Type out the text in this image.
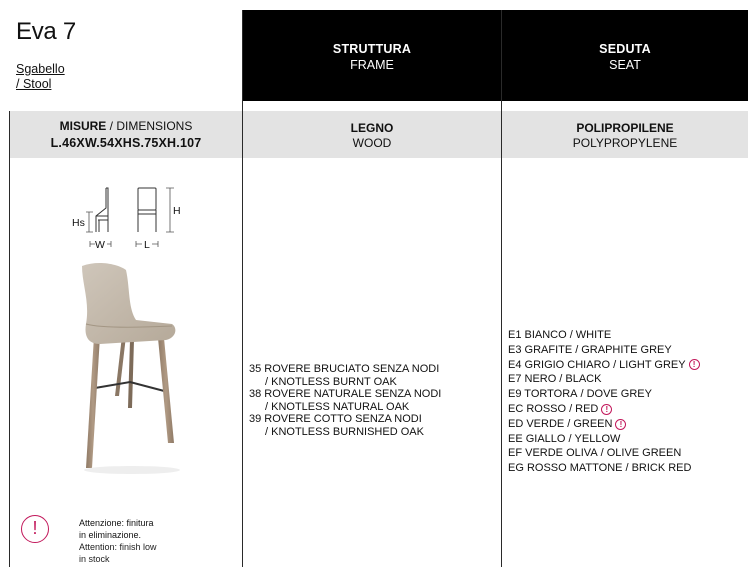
Eva 7
Sgabello
/ Stool
STRUTTURA
FRAME
SEDUTA
SEAT
MISURE / DIMENSIONS
L.46XW.54XHS.75XH.107
LEGNO
WOOD
POLIPROPILENE
POLYPROPYLENE
Hs
H
W	L
35 ROVERE BRUCIATO SENZA NODI
/ KNOTLESS BURNT OAK
38 ROVERE NATURALE SENZA NODI
/ KNOTLESS NATURAL OAK
39 ROVERE COTTO SENZA NODI
/ KNOTLESS BURNISHED OAK
E1 BIANCO / WHITE
E3 GRAFITE / GRAPHITE GREY
E4 GRIGIO CHIARO / LIGHT GREY !
E7 NERO / BLACK
E9 TORTORA / DOVE GREY
EC ROSSO / RED !
ED VERDE / GREEN !
EE GIALLO / YELLOW
EF VERDE OLIVA / OLIVE GREEN
EG ROSSO MATTONE / BRICK RED
!	Attenzione: finitura
in eliminazione.
Attention: finish low
in stock
